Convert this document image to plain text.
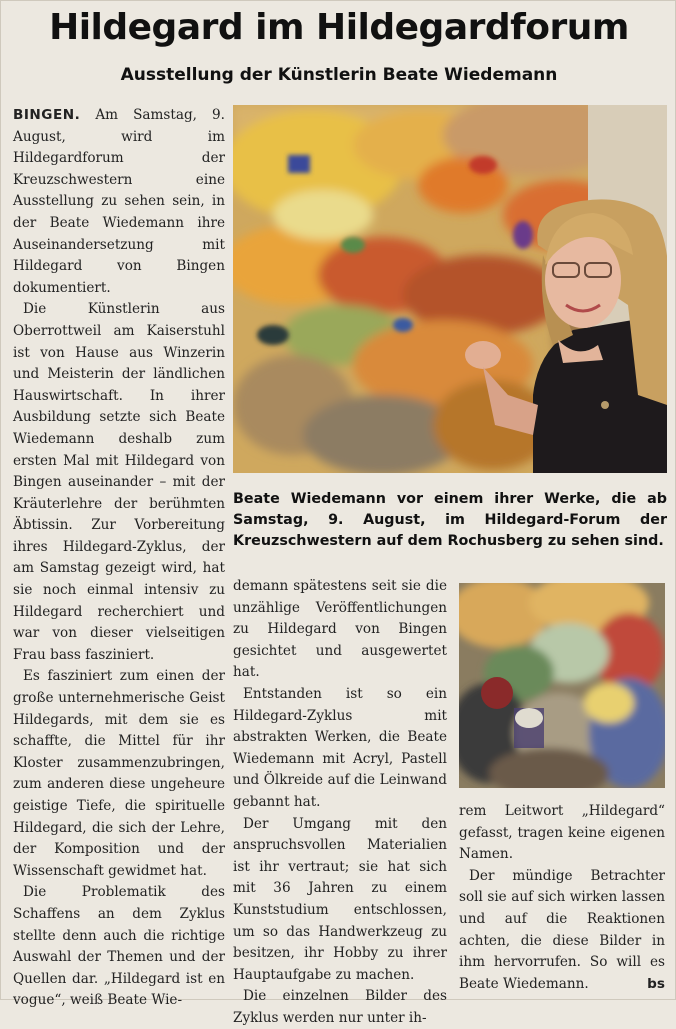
Hildegard im Hildegardforum
Ausstellung der Künstlerin Beate Wiedemann

BINGEN. Am Samstag, 9. August, wird im Hildegardforum der Kreuzschwestern eine Ausstellung zu sehen sein, in der Beate Wiedemann ihre Auseinandersetzung mit Hildegard von Bingen dokumentiert.

Die Künstlerin aus Oberrottweil am Kaiserstuhl ist von Hause aus Winzerin und Meisterin der ländlichen Hauswirtschaft. In ihrer Ausbildung setzte sich Beate Wiedemann deshalb zum ersten Mal mit Hildegard von Bingen auseinander – mit der Kräuterlehre der berühmten Äbtissin. Zur Vorbereitung ihres Hildegard-Zyklus, der am Samstag gezeigt wird, hat sie noch einmal intensiv zu Hildegard recherchiert und war von dieser vielseitigen Frau bass fasziniert.

Es fasziniert zum einen der große unternehmerische Geist Hildegards, mit dem sie es schaffte, die Mittel für ihr Kloster zusammenzubringen, zum anderen diese ungeheure geistige Tiefe, die spirituelle Hildegard, die sich der Lehre, der Komposition und der Wissenschaft gewidmet hat.

Die Problematik des Schaffens an dem Zyklus stellte denn auch die richtige Auswahl der Themen und der Quellen dar. „Hildegard ist en vogue“, weiß Beate Wie-

Beate Wiedemann vor einem ihrer Werke, die ab Samstag, 9. August, im Hildegard-Forum der Kreuzschwestern auf dem Rochusberg zu sehen sind.

demann spätestens seit sie die unzählige Veröffentlichungen zu Hildegard von Bingen gesichtet und ausgewertet hat.

Entstanden ist so ein Hildegard-Zyklus mit abstrakten Werken, die Beate Wiedemann mit Acryl, Pastell und Ölkreide auf die Leinwand gebannt hat.

Der Umgang mit den anspruchsvollen Materialien ist ihr vertraut; sie hat sich mit 36 Jahren zu einem Kunststudium entschlossen, um so das Handwerkzeug zu besitzen, ihr Hobby zu ihrer Hauptaufgabe zu machen.

Die einzelnen Bilder des Zyklus werden nur unter ih-

rem Leitwort „Hildegard“ gefasst, tragen keine eigenen Namen.

Der mündige Betrachter soll sie auf sich wirken lassen und auf die Reaktionen achten, die diese Bilder in ihm hervorrufen. So will es Beate Wiedemann.	bs
